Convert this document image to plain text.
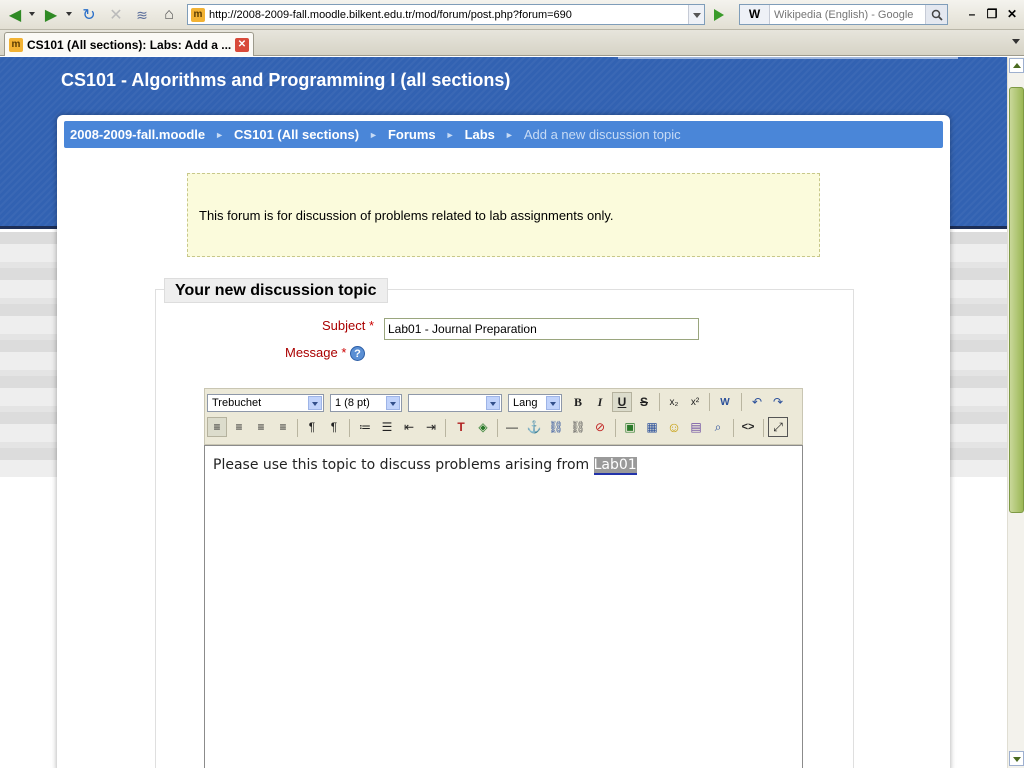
◀	▶	↻ ✕ ≋	⌂	m http://2008-2009-fall.moodle.bilkent.edu.tr/mod/forum/post.php?forum=690	W
Wikipedia (English) - Google	– ❐ ✕
m CS101 (All sections): Labs: Add a ... ✕
CS101 - Algorithms and Programming I (all sections)
2008-2009-fall.moodle ► CS101 (All sections) ► Forums ► Labs ► Add a new discussion topic
This forum is for discussion of problems related to lab assignments only.
Your new discussion topic
Subject *
Lab01 - Journal Preparation
Message * ?
Trebuchet	1 (8 pt)	Lang	B	I	U	S	x₂	x²	W	↶ ↷
≡	≡	≡	≡	¶	¶	≔ ☰ ⇤ ⇥	T	◈	— ⚓ ⛓ ⛓ ⊘	▣ ▦ ☺ ▤	⌕	<>	⤢
Please use this topic to discuss problems arising from Lab01
